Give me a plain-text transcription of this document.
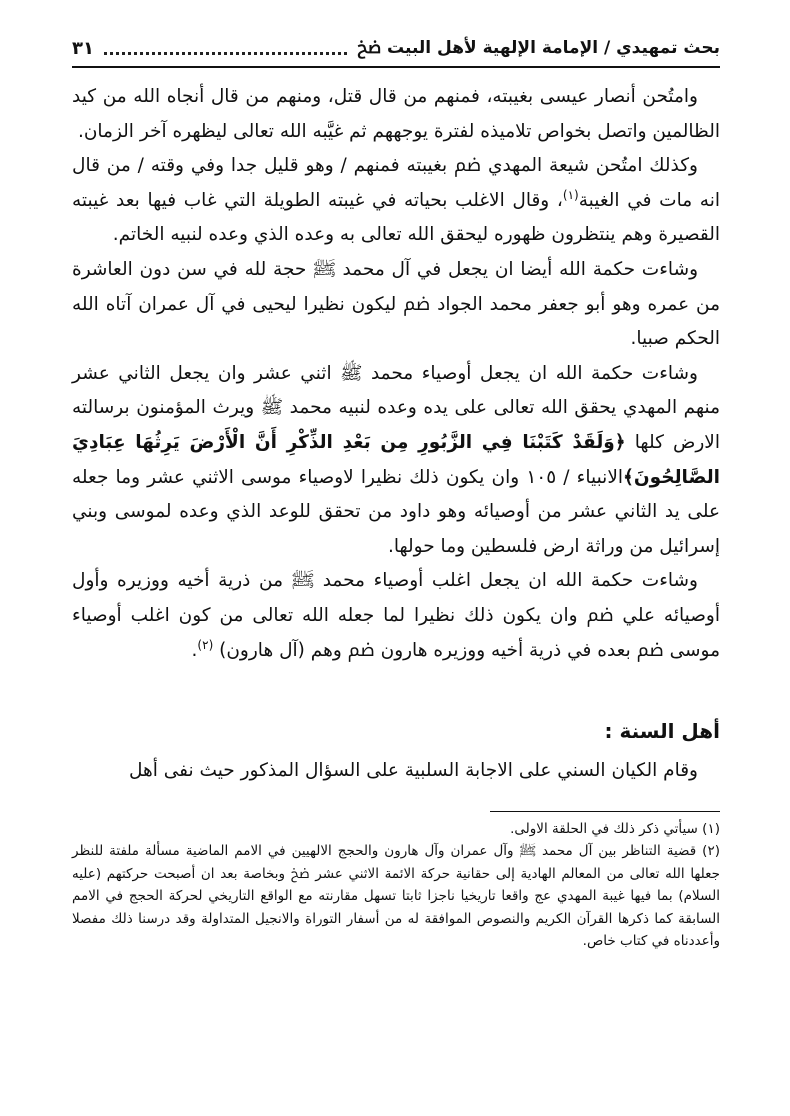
بحث تمهيدي / الإمامة الإلهية لأهل البيت ﰤ
٣١

وامتُحن أنصار عيسى بغيبته، فمنهم من قال قتل، ومنهم من قال أنجاه الله من كيد الظالمين واتصل بخواص تلاميذه لفترة يوجههم ثم غيَّبه الله تعالى ليظهره آخر الزمان.

وكذلك امتُحن شيعة المهدي ﰥ بغيبته فمنهم / وهو قليل جدا وفي وقته / من قال انه مات في الغيبة$^{(١)}$، وقال الاغلب بحياته في غيبته الطويلة التي غاب فيها بعد غيبته القصيرة وهم ينتظرون ظهوره ليحقق الله تعالى به وعده الذي وعده لنبيه الخاتم.

وشاءت حكمة الله أيضا ان يجعل في آل محمد ﷺ حجة لله في سن دون العاشرة من عمره وهو أبو جعفر محمد الجواد ﰥ ليكون نظيرا ليحيى في آل عمران آتاه الله الحكم صبيا.

وشاءت حكمة الله ان يجعل أوصياء محمد ﷺ اثني عشر وان يجعل الثاني عشر منهم المهدي يحقق الله تعالى على يده وعده لنبيه محمد ﷺ ويرث المؤمنون برسالته الارض كلها ﴿وَلَقَدْ كَتَبْنَا فِي الزَّبُورِ مِن بَعْدِ الذِّكْرِ أَنَّ الْأَرْضَ يَرِثُهَا عِبَادِيَ الصَّالِحُونَ﴾الانبياء / ١٠٥ وان يكون ذلك نظيرا لاوصياء موسى الاثني عشر وما جعله على يد الثاني عشر من أوصيائه وهو داود من تحقق للوعد الذي وعده لموسى وبني إسرائيل من وراثة ارض فلسطين وما حولها.

وشاءت حكمة الله ان يجعل اغلب أوصياء محمد ﷺ من ذرية أخيه ووزيره وأول أوصيائه علي ﰥ وان يكون ذلك نظيرا لما جعله الله تعالى من كون اغلب أوصياء موسى ﰥ بعده في ذرية أخيه ووزيره هارون ﰥ وهم (آل هارون) $^{(٢)}$.

أهل السنة :

وقام الكيان السني على الاجابة السلبية على السؤال المذكور حيث نفى أهل

(١) سيأتي ذكر ذلك في الحلقة الاولى.

(٢) قضية التناظر بين آل محمد ﷺ وآل عمران وآل هارون والحجج الالهيين في الامم الماضية مسألة ملفتة للنظر جعلها الله تعالى من المعالم الهادية إلى حقانية حركة الائمة الاثني عشر ﰤ وبخاصة بعد ان أصبحت حركتهم (عليه السلام) بما فيها غيبة المهدي عج واقعا تاريخيا ناجزا ثابتا تسهل مقارنته مع الواقع التاريخي لحركة الحجج في الامم السابقة كما ذكرها القرآن الكريم والنصوص الموافقة له من أسفار التوراة والانجيل المتداولة وقد درسنا ذلك مفصلا وأعددناه في كتاب خاص.
